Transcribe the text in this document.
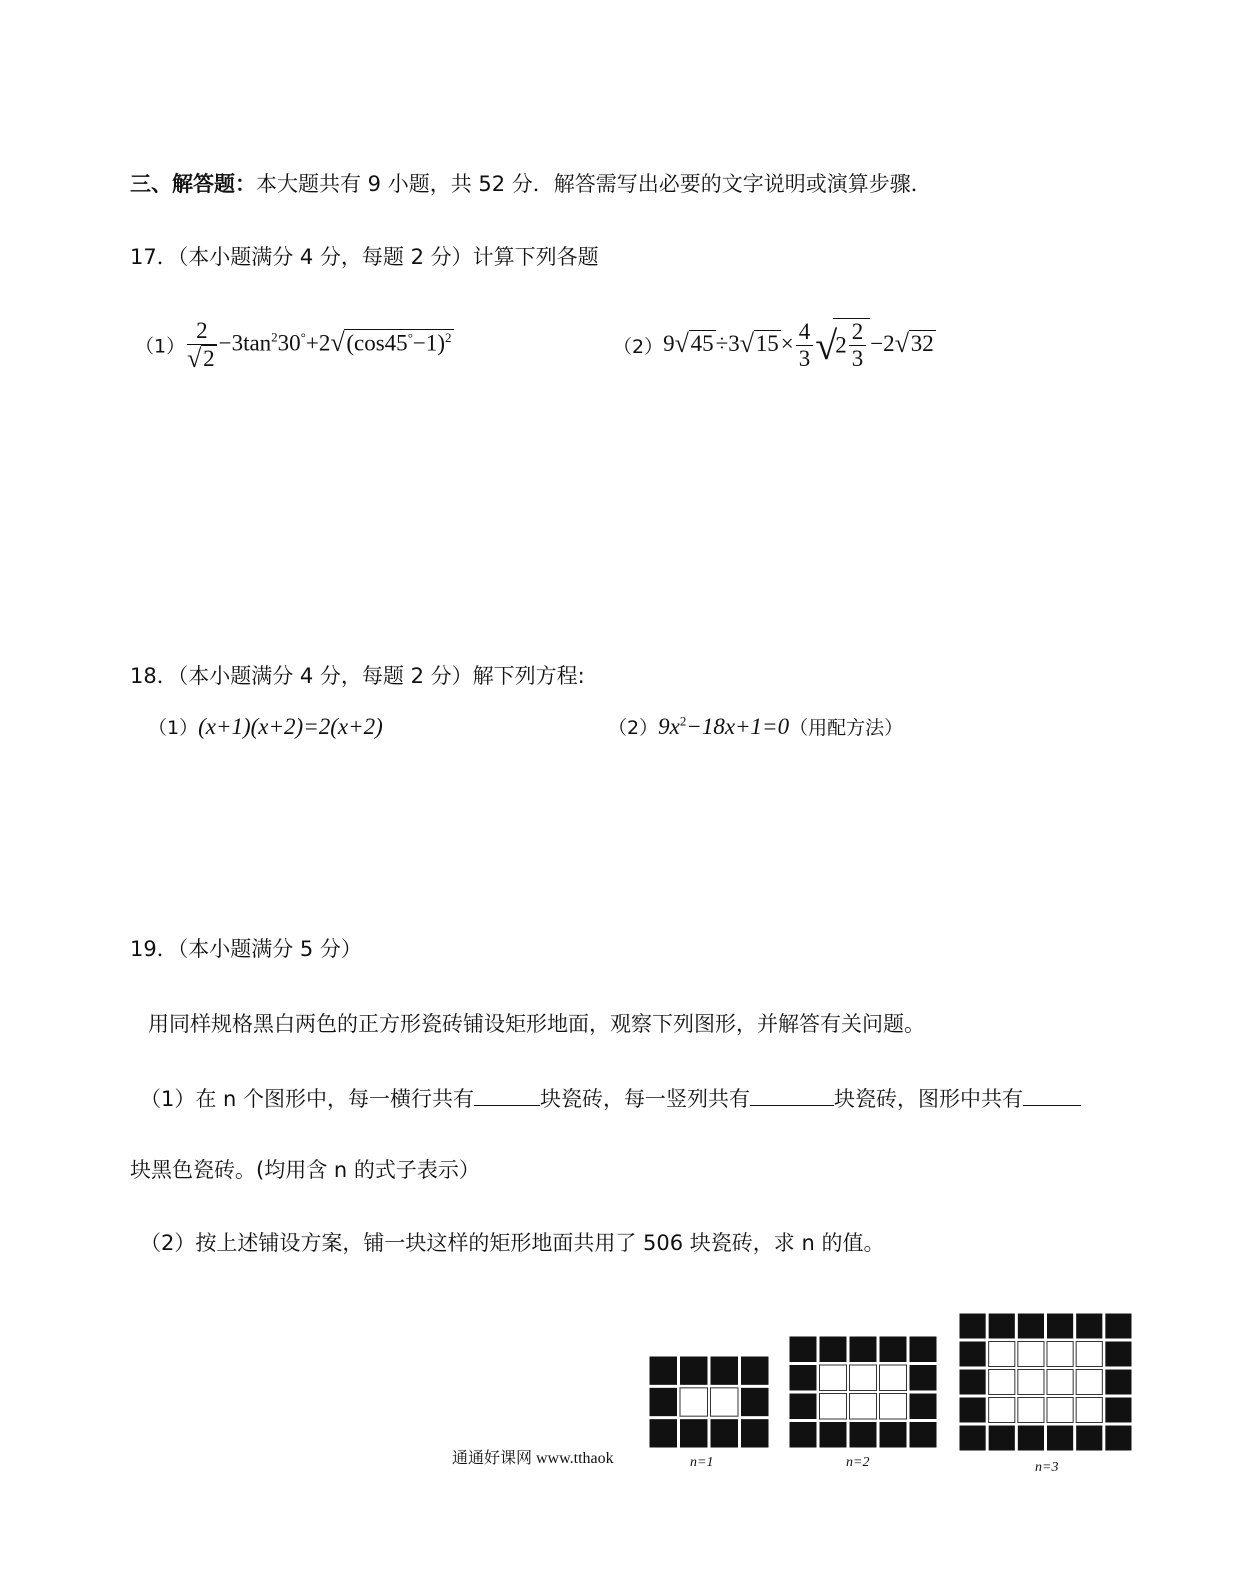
三、解答题：本大题共有 9 小题，共 52 分．解答需写出必要的文字说明或演算步骤．
17．（本小题满分 4 分，每题 2 分）计算下列各题
$(1) \frac{2}{√ 2} -3\tan^230^\circ+2$ √ $(\cos 45^\circ-1)^2$	（2）9 √ 45÷3 √ $15\times \frac{4}{3}$ √
$2 \frac{2}{3} -2$ √ 32
18．（本小题满分 4 分，每题 2 分）解下列方程:
（1）(x+1)(x+2)=2(x+2)	$(2)9x^2-18x+1=0$（用配方法）
19．（本小题满分 5 分）
用同样规格黑白两色的正方形瓷砖铺设矩形地面，观察下列图形，并解答有关问题。
（1）在 n 个图形中，每一横行共有	块瓷砖，每一竖列共有	块瓷砖，图形中共有
块黑色瓷砖。(均用含 n 的式子表示）
（2）按上述铺设方案，铺一块这样的矩形地面共用了 506 块瓷砖，求 n 的值。
n=1	n=2	n=3
通通好课网 www.tthaok
